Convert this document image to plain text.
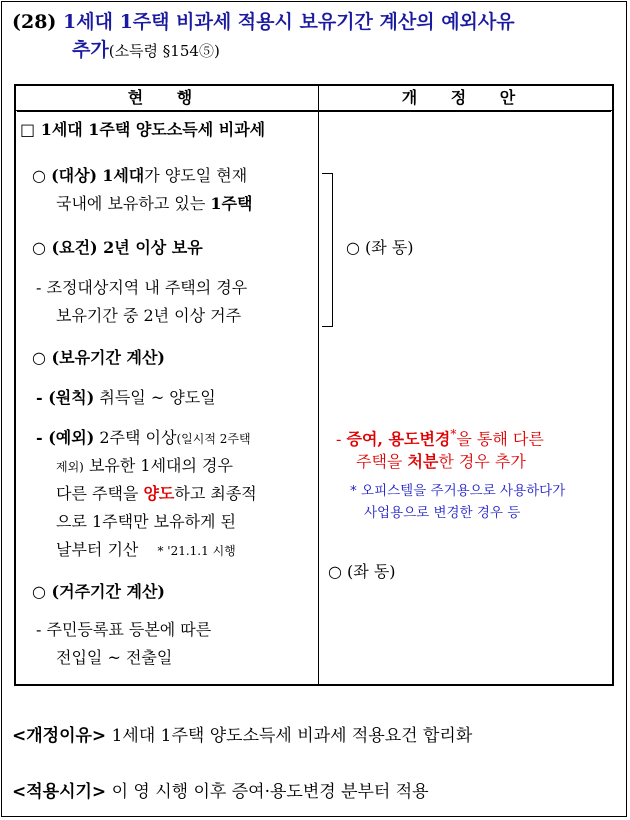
(28) 1세대 1주택 비과세 적용시 보유기간 계산의 예외사유
추가(소득령 §154⑤)
현 행	개 정 안
□ 1세대 1주택 양도소득세 비과세
○ (대상) 1세대가 양도일 현재
국내에 보유하고 있는 1주택
○ (요건) 2년 이상 보유
- 조정대상지역 내 주택의 경우
보유기간 중 2년 이상 거주
○ (보유기간 계산)
- (원칙) 취득일 ~ 양도일
- (예외) 2주택 이상(일시적 2주택
제외) 보유한 1세대의 경우
다른 주택을 양도하고 최종적
으로 1주택만 보유하게 된
날부터 기산 * '21.1.1 시행
○ (거주기간 계산)
- 주민등록표 등본에 따른
전입일 ~ 전출일
○ (좌 동)
- 증여, 용도변경*을 통해 다른
주택을 처분한 경우 추가
* 오피스텔을 주거용으로 사용하다가
사업용으로 변경한 경우 등
○ (좌 동)
<개정이유> 1세대 1주택 양도소득세 비과세 적용요건 합리화
<적용시기> 이 영 시행 이후 증여·용도변경 분부터 적용
